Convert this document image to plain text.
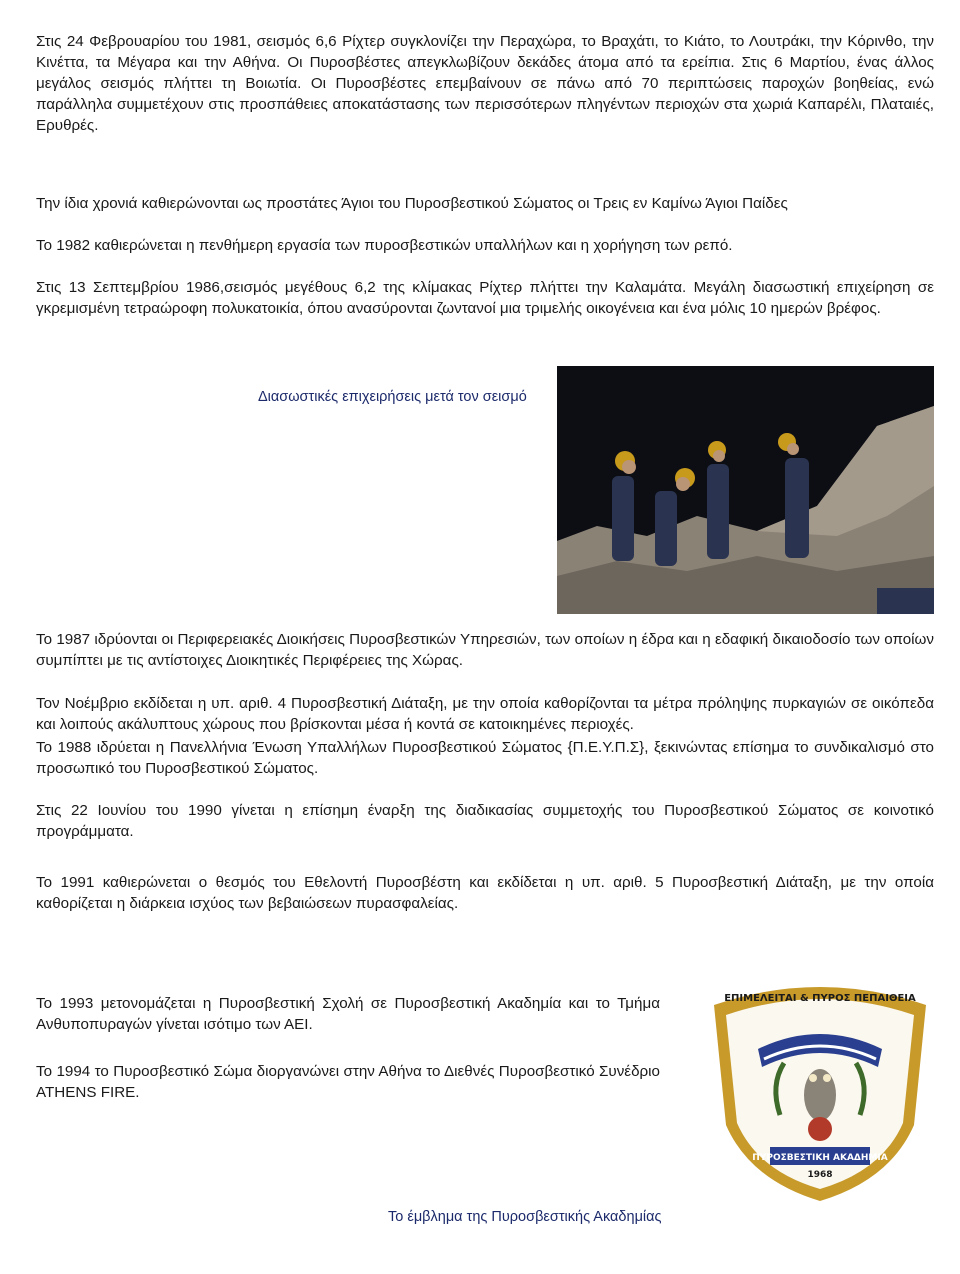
Στις 24 Φεβρουαρίου του 1981, σεισμός 6,6 Ρίχτερ συγκλονίζει την Περαχώρα, το Βραχάτι, το Κιάτο, το Λουτράκι, την Κόρινθο, την Κινέττα, τα Μέγαρα και την Αθήνα. Οι Πυροσβέστες απεγκλωβίζουν δεκάδες άτομα από τα ερείπια. Στις 6 Μαρτίου, ένας άλλος μεγάλος σεισμός πλήττει τη Βοιωτία. Οι Πυροσβέστες επεμβαίνουν σε πάνω από 70 περιπτώσεις παροχών βοηθείας, ενώ παράλληλα συμμετέχουν στις προσπάθειες αποκατάστασης των περισσότερων πληγέντων περιοχών στα χωριά Καπαρέλι, Πλαταιές, Ερυθρές.

Την ίδια χρονιά καθιερώνονται ως προστάτες Άγιοι του Πυροσβεστικού Σώματος οι Τρεις εν Καμίνω Άγιοι Παίδες

Το 1982 καθιερώνεται η πενθήμερη εργασία των πυροσβεστικών υπαλλήλων και η χορήγηση των ρεπό.

Στις 13 Σεπτεμβρίου 1986,σεισμός μεγέθους 6,2 της κλίμακας Ρίχτερ πλήττει την Καλαμάτα. Μεγάλη διασωστική επιχείρηση σε γκρεμισμένη τετραώροφη πολυκατοικία, όπου ανασύρονται ζωντανοί μια τριμελής οικογένεια και ένα μόλις 10 ημερών βρέφος.

Διασωστικές επιχειρήσεις μετά τον σεισμό

Το 1987 ιδρύονται οι Περιφερειακές Διοικήσεις Πυροσβεστικών Υπηρεσιών, των οποίων η έδρα και η εδαφική δικαιοδοσίο των οποίων συμπίπτει με τις αντίστοιχες Διοικητικές Περιφέρειες της Χώρας.

Τον Νοέμβριο εκδίδεται η υπ. αριθ. 4 Πυροσβεστική Διάταξη, με την οποία καθορίζονται τα μέτρα πρόληψης πυρκαγιών σε οικόπεδα και λοιπούς ακάλυπτους χώρους που βρίσκονται μέσα ή κοντά σε κατοικημένες περιοχές.

Το 1988 ιδρύεται η Πανελλήνια Ένωση Υπαλλήλων Πυροσβεστικού Σώματος {Π.Ε.Υ.Π.Σ}, ξεκινώντας επίσημα το συνδικαλισμό στο προσωπικό του Πυροσβεστικού Σώματος.

Στις 22 Ιουνίου του 1990 γίνεται η επίσημη έναρξη της διαδικασίας συμμετοχής του Πυροσβεστικού Σώματος σε κοινοτικό προγράμματα.

Το 1991 καθιερώνεται ο θεσμός του Εθελοντή Πυροσβέστη και εκδίδεται η υπ. αριθ. 5 Πυροσβεστική Διάταξη, με την οποία καθορίζεται η διάρκεια ισχύος των βεβαιώσεων πυρασφαλείας.

Το 1993 μετονομάζεται η Πυροσβεστική Σχολή σε Πυροσβεστική Ακαδημία και το Τμήμα Ανθυποπυραγών γίνεται ισότιμο των ΑΕΙ.

Το 1994 το Πυροσβεστικό Σώμα διοργανώνει στην Αθήνα το Διεθνές Πυροσβεστικό Συνέδριο ATHENS FIRE.

ΕΠΙΜΕΛΕΙΤΑΙ & ΠΥΡΟΣ ΠΕΠΑΙΘΕΙΑ
ΠΥΡΟΣΒΕΣΤΙΚΗ ΑΚΑΔΗΜΙΑ
1968

Το έμβλημα της Πυροσβεστικής Ακαδημίας
